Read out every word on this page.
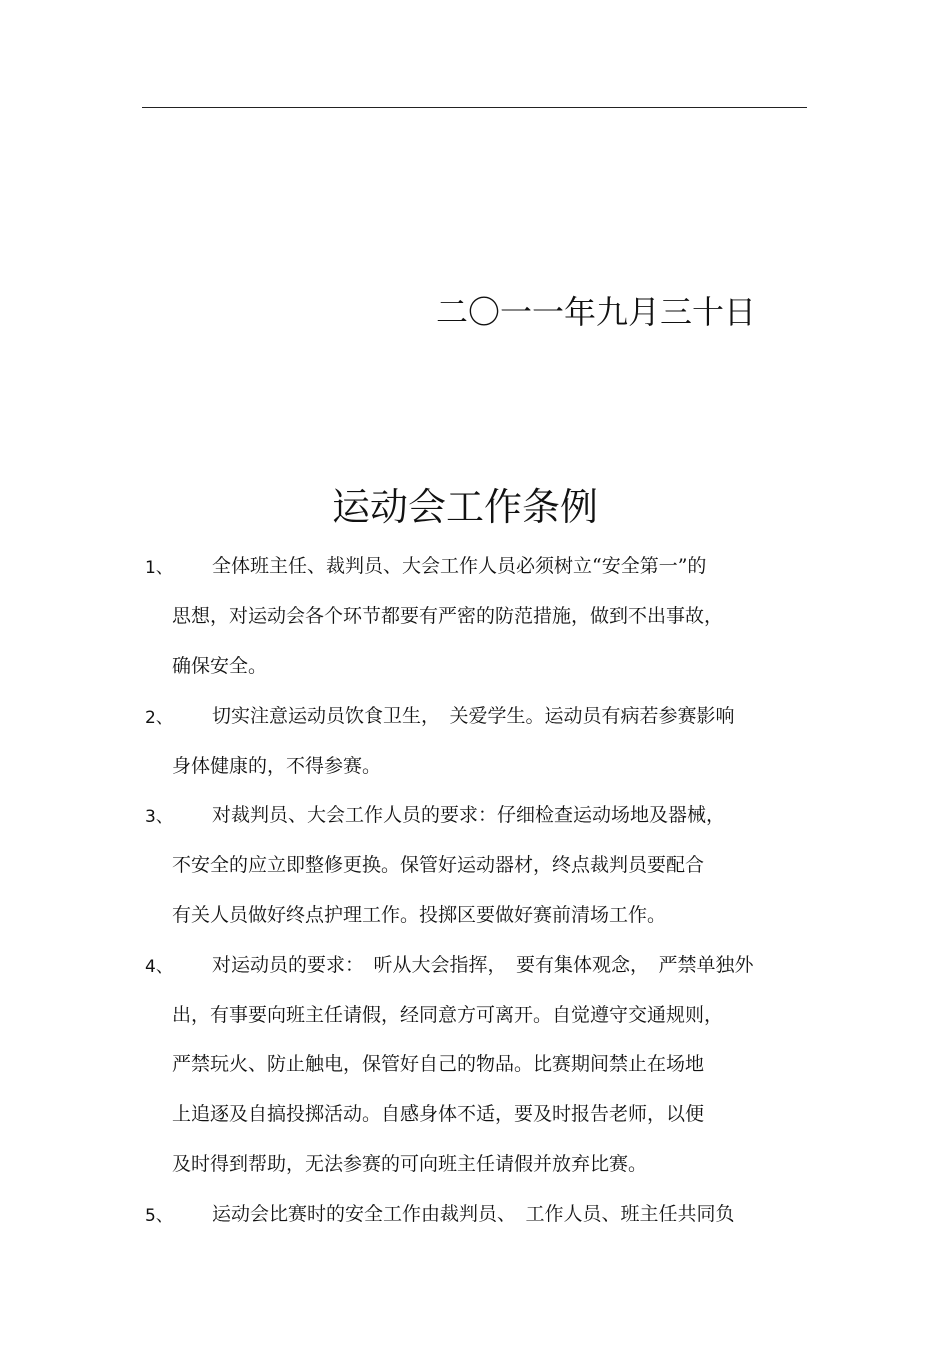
二〇一一年九月三十日
运动会工作条例
1、 全体班主任、裁判员、大会工作人员必须树立“安全第一”的
思想，对运动会各个环节都要有严密的防范措施，做到不出事故，
确保安全。
2、 切实注意运动员饮食卫生，　关爱学生。运动员有病若参赛影响
身体健康的，不得参赛。
3、 对裁判员、大会工作人员的要求：仔细检查运动场地及器械，
不安全的应立即整修更换。保管好运动器材，终点裁判员要配合
有关人员做好终点护理工作。投掷区要做好赛前清场工作。
4、 对运动员的要求：　听从大会指挥，　要有集体观念，　严禁单独外
出，有事要向班主任请假，经同意方可离开。自觉遵守交通规则，
严禁玩火、防止触电，保管好自己的物品。比赛期间禁止在场地
上追逐及自搞投掷活动。自感身体不适，要及时报告老师，以便
及时得到帮助，无法参赛的可向班主任请假并放弃比赛。
5、 运动会比赛时的安全工作由裁判员、　工作人员、班主任共同负
